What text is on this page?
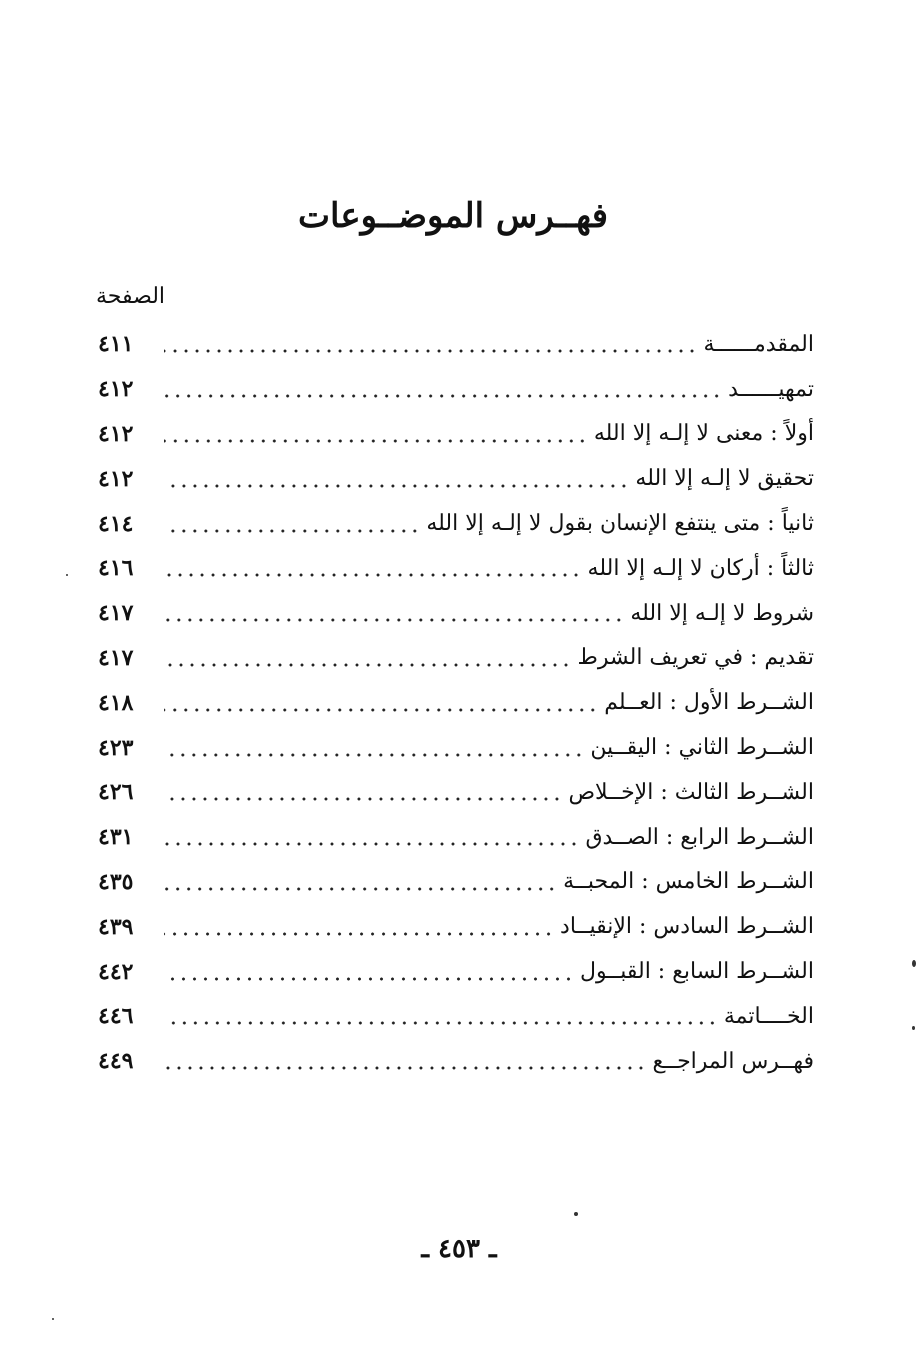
فهــرس الموضــوعات
الصفحة
المقدمــــــة
٤١١
تمهيــــــد
٤١٢
أولاً : معنى لا إلـه إلا الله
٤١٢
تحقيق لا إلـه إلا الله
٤١٢
ثانياً : متى ينتفع الإنسان بقول لا إلـه إلا الله
٤١٤
ثالثاً : أركان لا إلـه إلا الله
٤١٦
شروط لا إلـه إلا الله
٤١٧
تقديم : في تعريف الشرط
٤١٧
الشــرط الأول : العــلم
٤١٨
الشــرط الثاني : اليقــين
٤٢٣
الشــرط الثالث : الإخــلاص
٤٢٦
الشــرط الرابع : الصــدق
٤٣١
الشــرط الخامس : المحبــة
٤٣٥
الشــرط السادس : الإنقيــاد
٤٣٩
الشــرط السابع : القبــول
٤٤٢
الخــــاتمة
٤٤٦
فهــرس المراجــع
٤٤٩
ـ ٤٥٣ ـ
